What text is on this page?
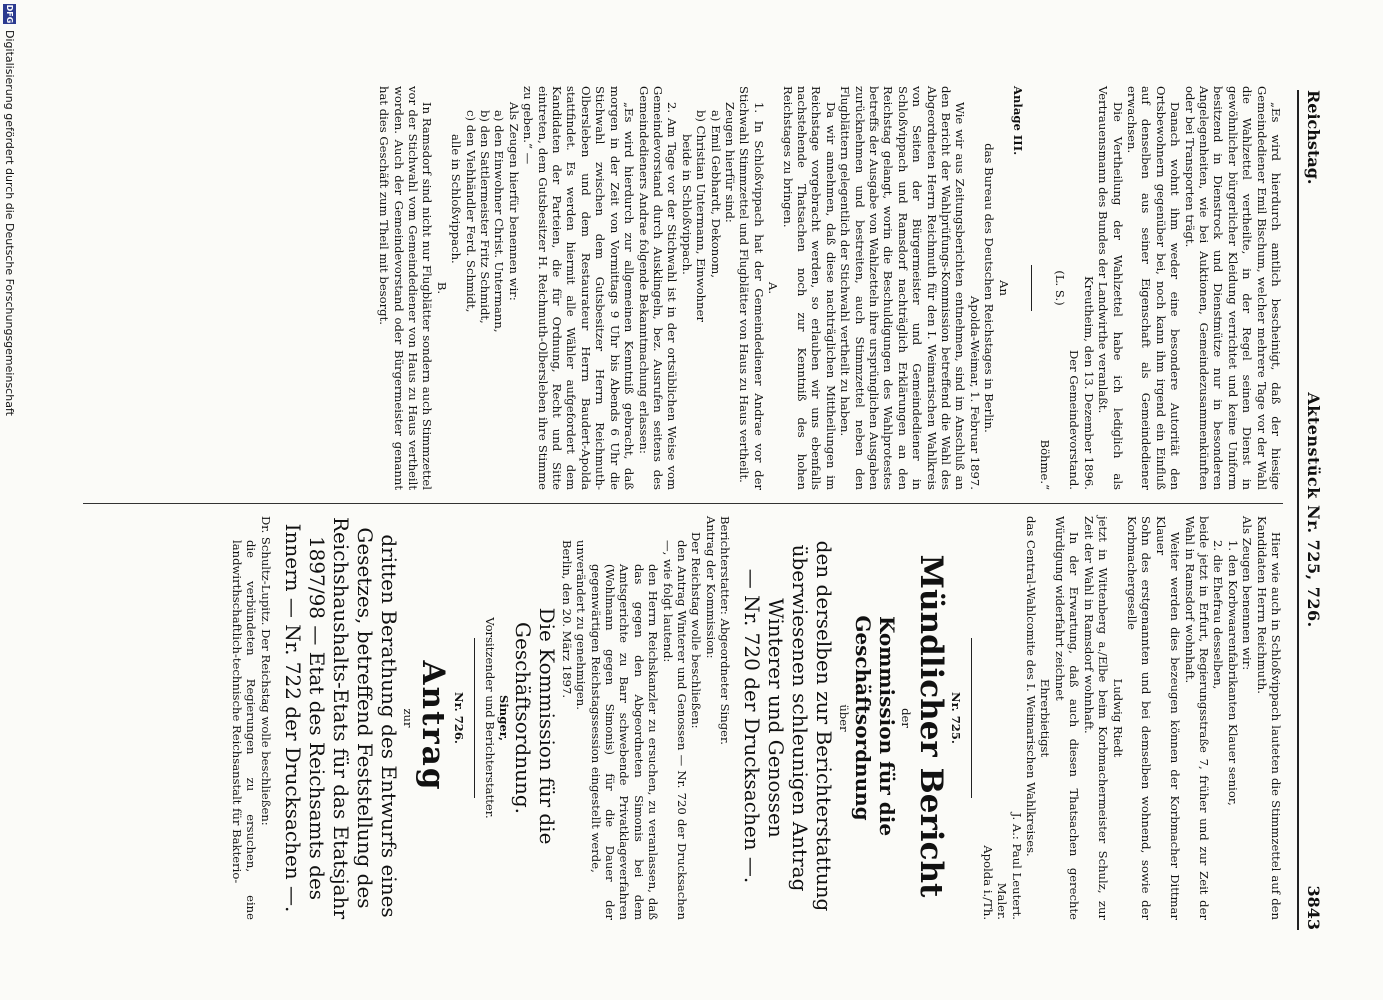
Reichstag.
Aktenstück Nr. 725, 726.
3843

„Es wird hierdurch amtlich bescheinigt, daß der hiesige Gemeindediener Emil Bischum, welcher mehrere Tage vor der Wahl die Wahlzettel vertheilte, in der Regel seinen Dienst in gewöhnlicher bürgerlicher Kleidung verrichtet und keine Uniform besitzend in Dienstrock und Dienstmütze nur in besonderen Angelegenheiten, wie bei Auktionen, Gemeindezusammenkünften oder bei Transporten trägt.

Danach wohnt ihm weder eine besondere Autorität den Ortsbewohnern gegenüber bei, noch kann ihm irgend ein Einfluß auf denselben aus seiner Eigenschaft als Gemeindediener erwachsen.

Die Vertheilung der Wahlzettel habe ich lediglich als Vertrauensmann des Bundes der Landwirthe veranlaßt.

Kreutheim, den 13. Dezember 1896.

Der Gemeindevorstand.

(L. S.)

Böhme.“

Anlage III.

An

das Bureau des Deutschen Reichstages in Berlin.

Apolda-Weimar, 1. Februar 1897.

Wie wir aus Zeitungsberichten entnehmen, sind im Anschluß an den Bericht der Wahlprüfungs-Kommission betreffend die Wahl des Abgeordneten Herrn Reichmuth für den I. Weimarischen Wahlkreis von Seiten der Bürgermeister und Gemeindediener in Schloßvippach und Ramsdorf nachträglich Erklärungen an den Reichstag gelangt, worin die Beschuldigungen des Wahlprotestes betreffs der Ausgabe von Wahlzetteln ihre ursprünglichen Ausgaben zurücknehmen und bestreiten, auch Stimmzettel neben den Flugblättern gelegentlich der Stichwahl vertheilt zu haben.

Da wir annehmen, daß diese nachträglichen Mittheilungen im Reichstage vorgebracht werden, so erlauben wir uns ebenfalls nachstehende Thatsachen noch zur Kenntniß des hohen Reichstages zu bringen.

A.

1. In Schloßvippach hat der Gemeindediener Andrae vor der Stichwahl Stimmzettel und Flugblätter von Haus zu Haus vertheilt.

Zeugen hierfür sind:

a) Emil Gebhardt, Dekonom,

b) Christian Untermann, Einwohner

beide in Schloßvippach.

2. Am Tage vor der Stichwahl ist in der ortsüblichen Weise vom Gemeindevorstand durch Ausklingeln, bez. Ausrufen seitens des Gemeindedieners Andrae folgende Bekanntmachung erlassen:

„Es wird hierdurch zur allgemeinen Kenntniß gebracht, daß morgen in der Zeit von Vormittags 9 Uhr bis Abends 6 Uhr die Stichwahl zwischen dem Gutsbesitzer Herrn Reichmuth-Olbersleben und dem Restaurateur Herrn Baudert-Apolda stattfindet. Es werden hiermit alle Wähler aufgefordert dem Kandidaten der Parteien, die für Ordnung, Recht und Sitte eintreten, dem Gutsbesitzer H. Reichmuth-Olbersleben ihre Stimme zu geben.“ —

Als Zeugen hierfür benennen wir:

a) den Einwohner Christ. Untermann,

b) den Sattlermeister Fritz Schmidt,

c) den Viehhändler Ferd. Schmidt,

alle in Schloßvippach.

B.

In Ramsdorf sind nicht nur Flugblätter sondern auch Stimmzettel vor der Stichwahl vom Gemeindediener von Haus zu Haus vertheilt worden. Auch der Gemeindevorstand oder Bürgermeister genannt hat dies Geschäft zum Theil mit besorgt.

Hier wie auch in Schloßvippach lauteten die Stimmzettel auf den Kandidaten Herrn Reichmuth.

Als Zeugen benennen wir:

1. den Korbwaarenfabrikanten Klauer senior,

2. die Ehefrau desselben,

beide jetzt in Erfurt, Regierungsstraße 7, früher und zur Zeit der Wahl in Ramsdorf wohnhaft.

Weiter werden dies bezeugen können der Korbmacher Dittmar Klauer

Sohn des erstgenannten und bei demselben wohnend, sowie der Korbmachergeselle

Ludwig Riedt

jetzt in Wittenberg a./Elbe beim Korbmachermeister Schulz, zur Zeit der Wahl in Ramsdorf wohnhaft.

In der Erwartung, daß auch diesen Thatsachen gerechte Würdigung widerfahrt zeichnet

Ehrerbietigst

das Central-Wahlcomite des I. Weimarischen Wahlkreises.

J. A.: Paul Leutert.

Maler.

Apolda i./Th.

Nr. 725.

Mündlicher Bericht

der

Kommission für die Geschäftsordnung

über

den derselben zur Berichterstattung überwiesenen schleunigen Antrag Winterer und Genossen

— Nr. 720 der Drucksachen —.

Berichterstatter: Abgeordneter Singer.

Antrag der Kommission:

Der Reichstag wolle beschließen:

den Antrag Winterer und Genossen — Nr. 720 der Drucksachen —, wie folgt lautend:

den Herrn Reichskanzler zu ersuchen, zu veranlassen, daß das gegen den Abgeordneten Simonis bei dem Amtsgerichte zu Barr schwebende Privatklageverfahren (Wohlmann gegen Simonis) für die Dauer der gegenwärtigen Reichstagssession eingestellt werde,

unverändert zu genehmigen.

Berlin, den 20. März 1897.

Die Kommission für die Geschäftsordnung.

Singer,

Vorsitzender und Berichterstatter.

Nr. 726.

Antrag

zur

dritten Berathung des Entwurfs eines Gesetzes, betreffend Feststellung des Reichshaushalts-Etats für das Etatsjahr 1897/98 — Etat des Reichsamts des Innern — Nr. 722 der Drucksachen —.

Dr. Schultz-Lupitz. Der Reichstag wolle beschließen:

die verbündeten Regierungen zu ersuchen, eine landwirthschaftlich-technische Reichsanstalt für Bakterio-

DFG
Digitalisierung gefördert durch die Deutsche Forschungsgemeinschaft
